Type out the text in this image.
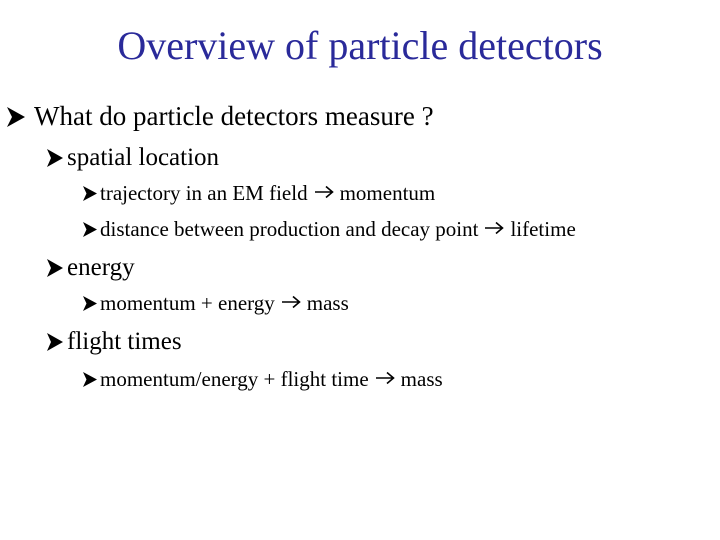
Overview of particle detectors
What do particle detectors measure ?
spatial location
trajectory in an EM field momentum
distance between production and decay point lifetime
energy
momentum + energy mass
flight times
momentum/energy + flight time mass
